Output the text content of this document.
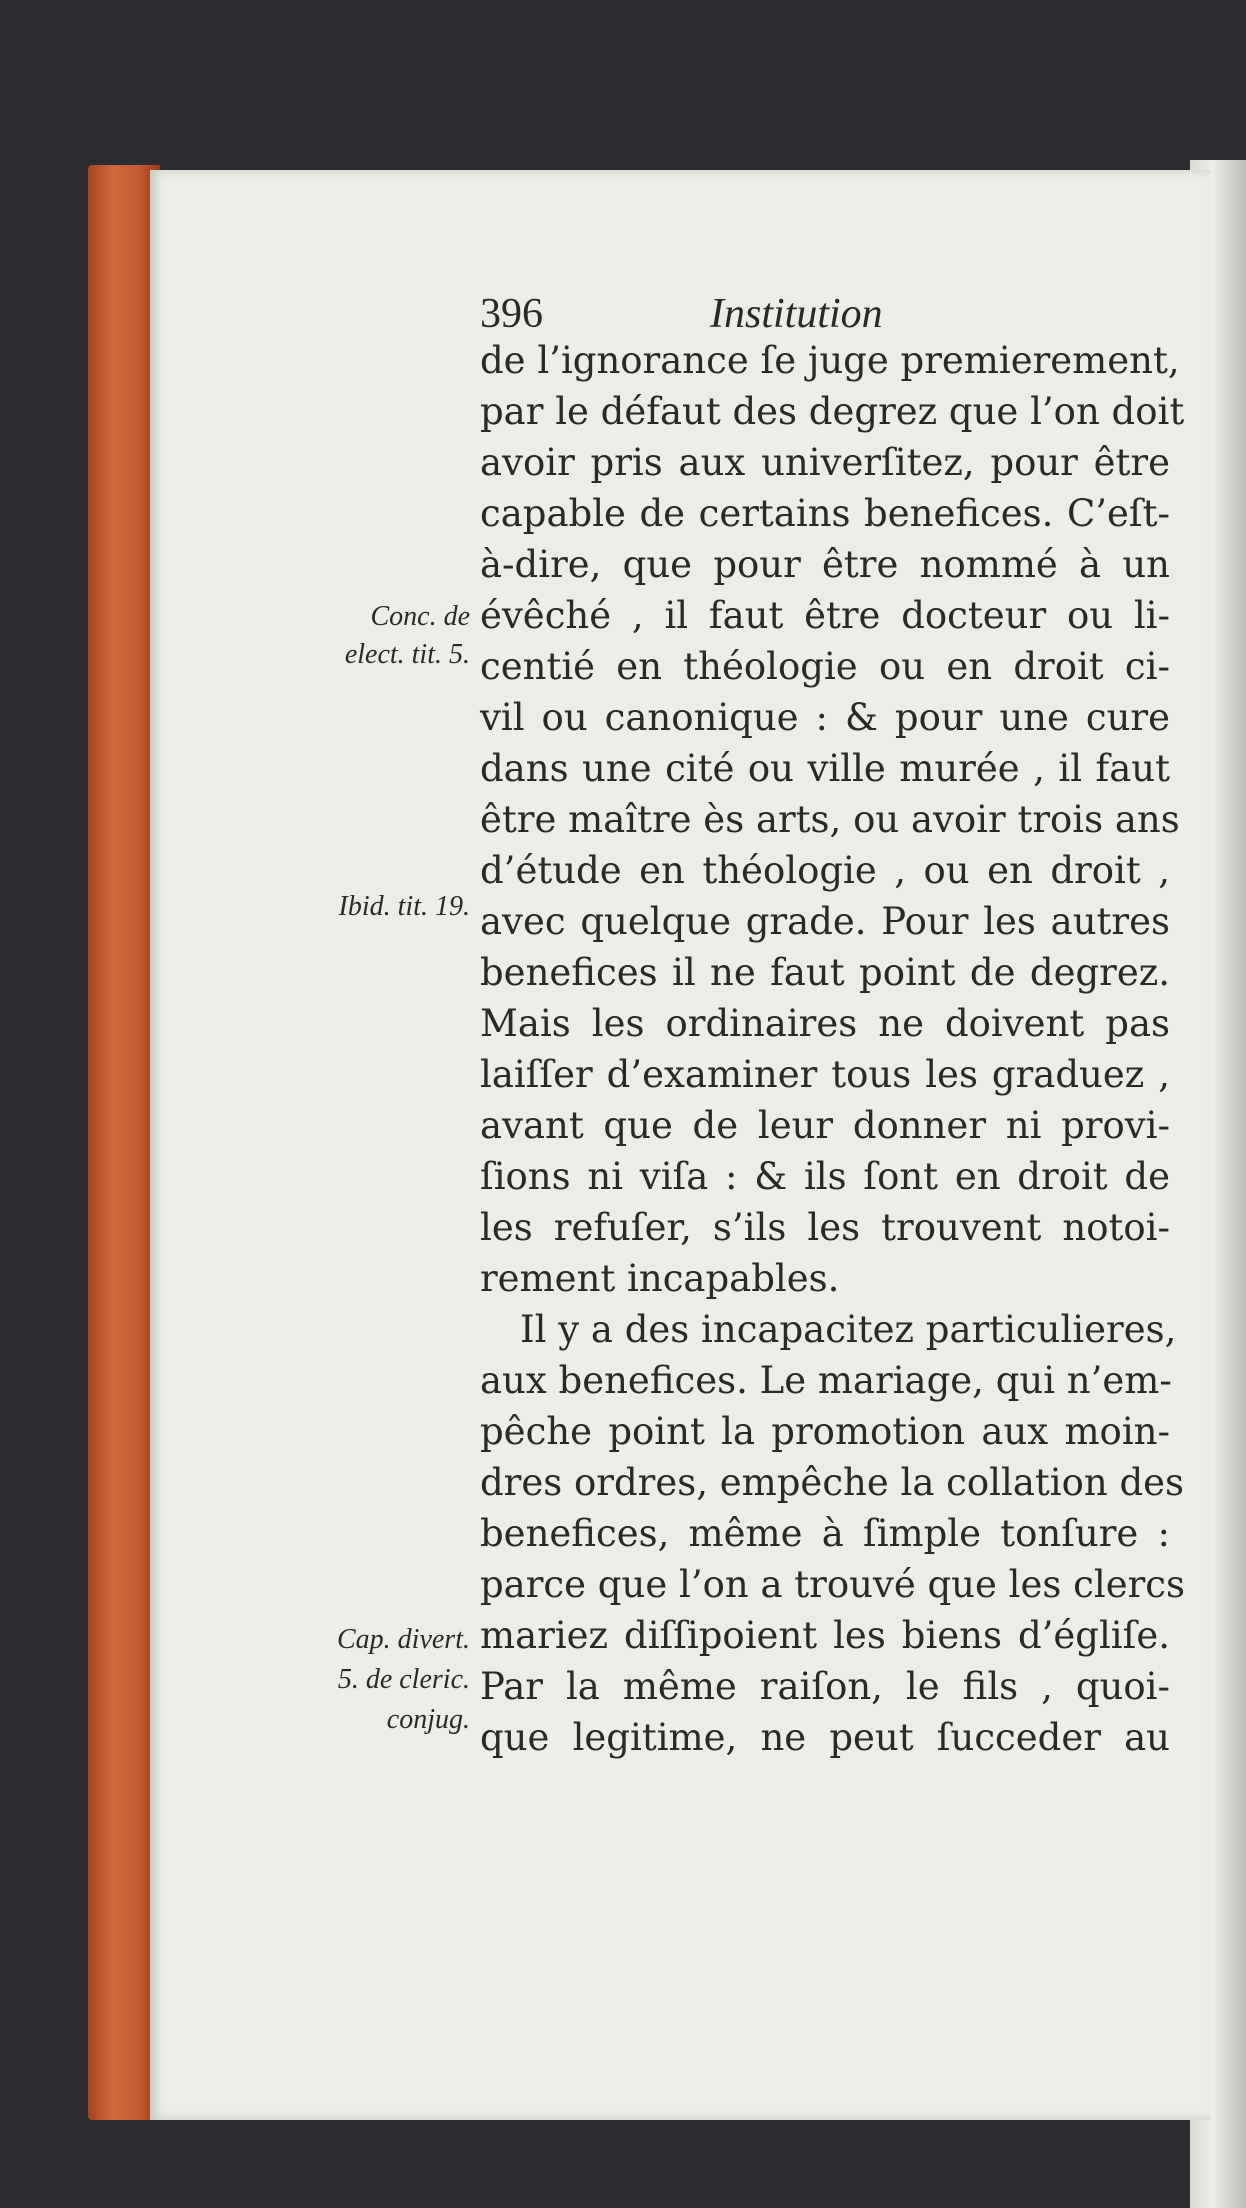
396	Institution
Conc. de
elect. tit. 5.
Ibid. tit. 19.
Cap. divert.
5. de cleric.
conjug.
de l’ignorance ſe juge premierement,
par le défaut des degrez que l’on doit
avoir pris aux univerſitez, pour être
capable de certains benefices. C’eſt-
à-dire, que pour être nommé à un
évêché , il faut être docteur ou li-
centié en théologie ou en droit ci-
vil ou canonique : & pour une cure
dans une cité ou ville murée , il faut
être maître ès arts, ou avoir trois ans
d’étude en théologie , ou en droit ,
avec quelque grade. Pour les autres
benefices il ne faut point de degrez.
Mais les ordinaires ne doivent pas
laiſſer d’examiner tous les graduez ,
avant que de leur donner ni provi-
ſions ni viſa : & ils ſont en droit de
les refuſer, s’ils les trouvent notoi-
rement incapables.
Il y a des incapacitez particulieres,
aux benefices. Le mariage, qui n’em-
pêche point la promotion aux moin-
dres ordres, empêche la collation des
benefices, même à ſimple tonſure :
parce que l’on a trouvé que les clercs
mariez diſſipoient les biens d’égliſe.
Par la même raiſon, le fils , quoi-
que legitime, ne peut ſucceder au
